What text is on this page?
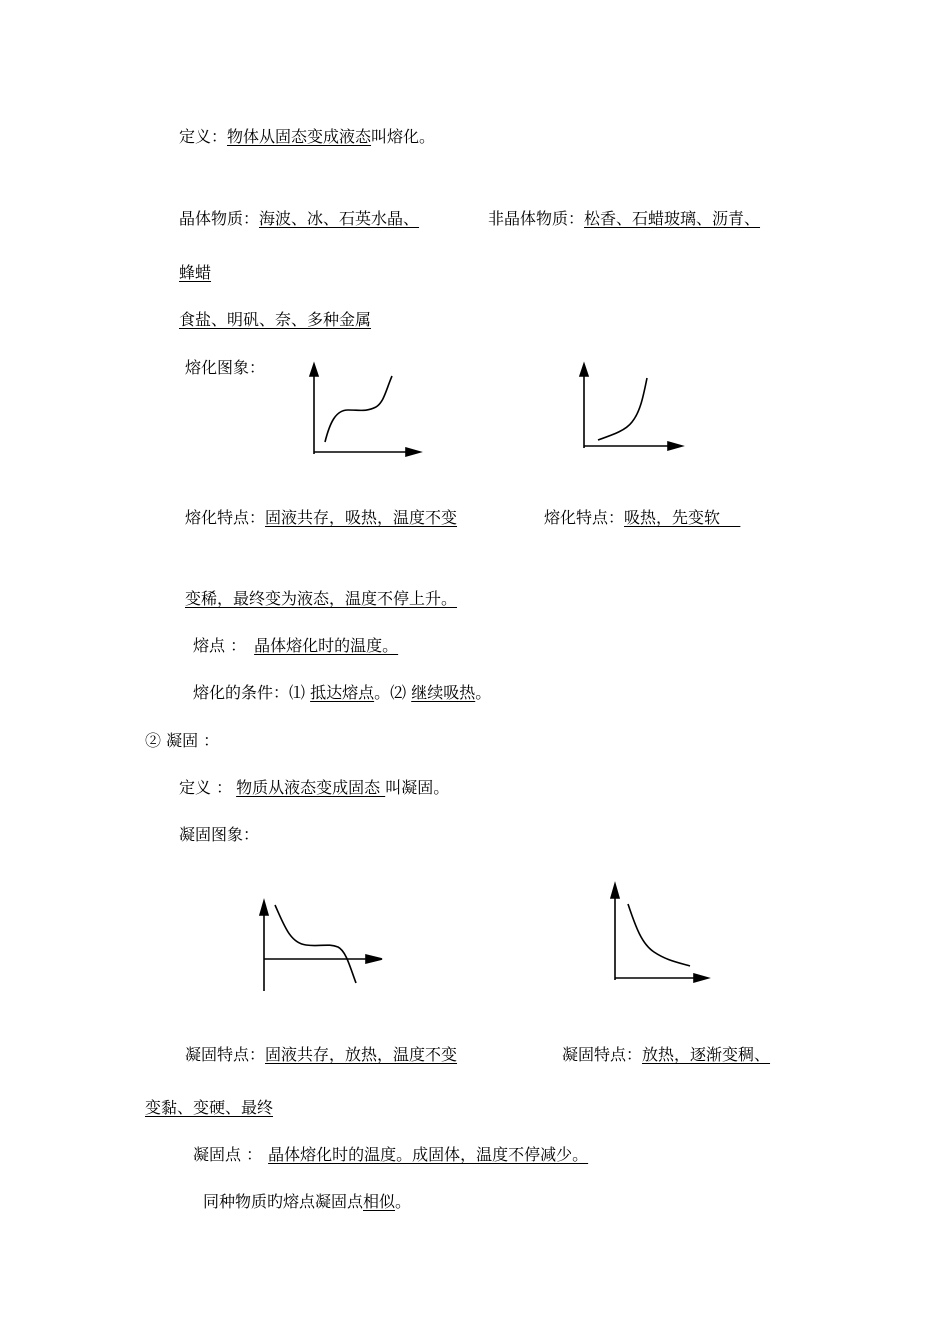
定义：物体从固态变成液态叫熔化。
晶体物质：海波、冰、石英水晶、	非晶体物质：松香、石蜡玻璃、沥青、
蜂蜡
食盐、明矾、奈、多种金属
熔化图象：
熔化特点：固液共存，吸热，温度不变	熔化特点：吸热，先变软
变稀，最终变为液态，温度不停上升。
熔点 ： 晶体熔化时的温度。
熔化的条件：⑴ 抵达熔点。⑵ 继续吸热。
② 凝固 ：
定义 ： 物质从液态变成固态 叫凝固。
凝固图象：
凝固特点：固液共存，放热，温度不变	凝固特点：放热，逐渐变稠、
变黏、变硬、最终
凝固点 ： 晶体熔化时的温度。成固体，温度不停减少。
同种物质旳熔点凝固点相似。
